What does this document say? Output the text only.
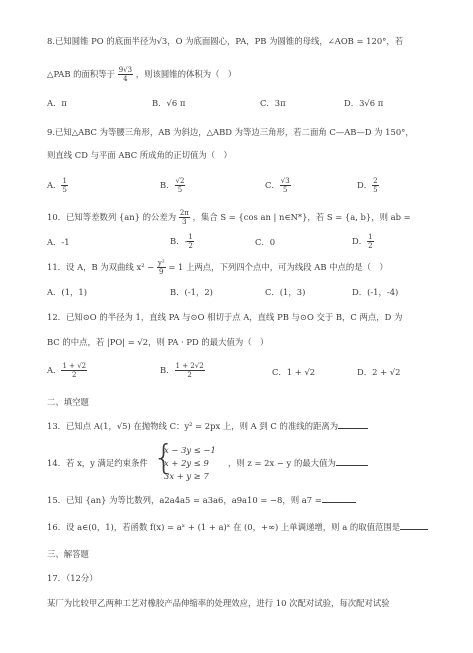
8.已知圆锥 PO 的底面半径为√3，O 为底面圆心，PA，PB 为圆锥的母线，∠AOB = 120°，若
△PAB 的面积等于 $\frac{9√3}{4}$ ，则该圆锥的体积为（　）
A．π	B．√6 π	C．3π	D．3√6 π
9.已知△ABC 为等腰三角形，AB 为斜边，△ABD 为等边三角形，若二面角 C—AB—D 为 150°，
则直线 CD 与平面 ABC 所成角的正切值为（　）
A． $\frac{1}{5}$	B． $\frac{√2}{5}$	C． $\frac{√3}{5}$	D． $\frac{2}{5}$
10．已知等差数列 {an} 的公差为 $\frac{2\pi}{3}$ ，集合 S = {cos an | n∈N*}，若 S = {a, b}，则 ab =
A．-1	B．- $\frac{1}{2}$	C．0	D． $\frac{1}{2}$
11．设 A，B 为双曲线 $x^2 - \frac{\text{y²}}{9} = 1$ 上两点，下列四个点中，可为线段 AB 中点的是（　）
A．(1，1)	B．(-1，2)	C．(1，3)	D．(-1，-4)
12．已知⊙O 的半径为 1，直线 PA 与⊙O 相切于点 A，直线 PB 与⊙O 交于 B，C 两点，D 为
BC 的中点，若 |PO| = √2，则 PA · PD 的最大值为（　）
A． $\frac{1 + √2}{2}$	B． $\frac{1 + 2√2}{2}$	C．1 + √2	D．2 + √2
二、填空题
13．已知点 A(1，√5) 在抛物线 C：y² = 2px 上，则 A 到 C 的准线的距离为
14．若 x，y 满足约束条件 {
x − 3y ≤ −1
x + 2y ≤ 9
3x + y ≥ 7
，则 z = 2x − y 的最大值为
15．已知 {an} 为等比数列，a2a4a5 = a3a6，a9a10 = −8，则 a7 =
16．设 a∈(0，1)，若函数 f(x) = aˣ + (1 + a)ˣ 在 (0，+∞) 上单调递增，则 a 的取值范围是
三、解答题
17．（12分）
某厂为比较甲乙两种工艺对橡胶产品伸缩率的处理效应，进行 10 次配对试验，每次配对试验
